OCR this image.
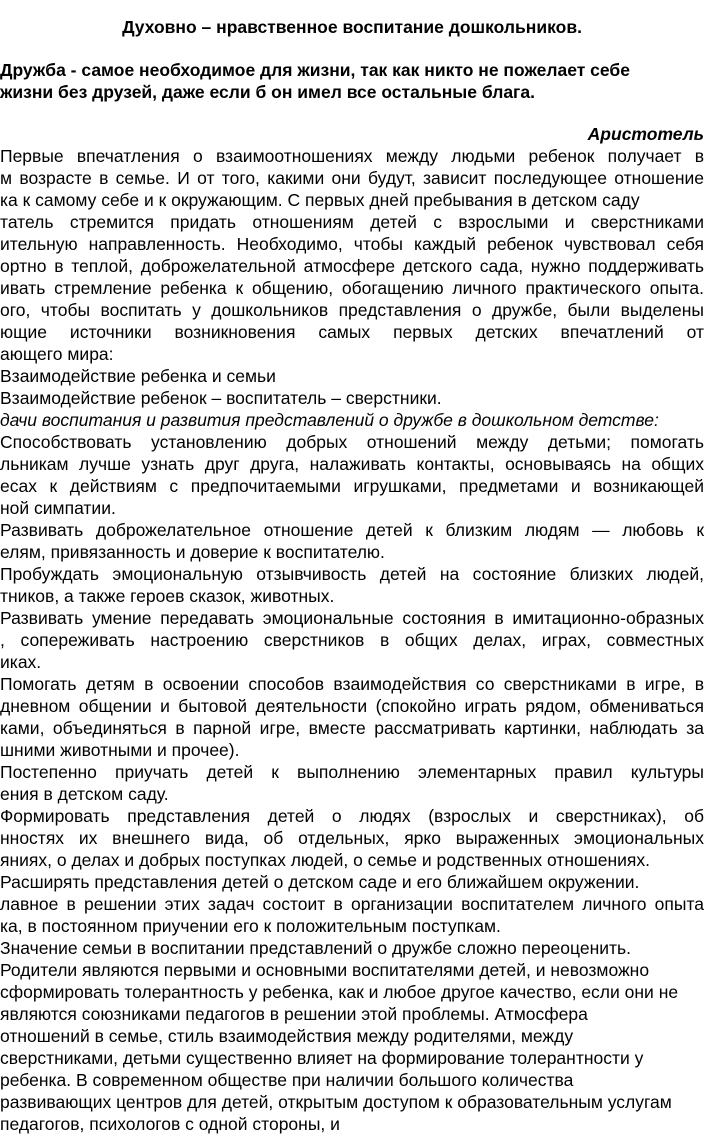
Духовно – нравственное воспитание дошкольников.
Дружба - самое необходимое для жизни, так как никто не пожелает себе
жизни без друзей, даже если б он имел все остальные блага.
Аристотель
Первые впечатления о взаимоотношениях между людьми ребенок получает в
м возрасте в семье. И от того, какими они будут, зависит последующее отношение
ка к самому себе и к окружающим. С первых дней пребывания в детском саду
татель стремится придать отношениям детей с взрослыми и сверстниками
ительную направленность. Необходимо, чтобы каждый ребенок чувствовал себя
ортно в теплой, доброжелательной атмосфере детского сада, нужно поддерживать
ивать стремление ребенка к общению, обогащению личного практического опыта.
ого, чтобы воспитать у дошкольников представления о дружбе, были выделены
ющие источники возникновения самых первых детских впечатлений от
ающего мира:
Взаимодействие ребенка и семьи
Взаимодействие ребенок – воспитатель – сверстники.
дачи воспитания и развития представлений о дружбе в дошкольном детстве:
Способствовать установлению добрых отношений между детьми; помогать
льникам лучше узнать друг друга, налаживать контакты, основываясь на общих
есах к действиям с предпочитаемыми игрушками, предметами и возникающей
ной симпатии.
Развивать доброжелательное отношение детей к близким людям — любовь к
елям, привязанность и доверие к воспитателю.
Пробуждать эмоциональную отзывчивость детей на состояние близких людей,
тников, а также героев сказок, животных.
Развивать умение передавать эмоциональные состояния в имитационно-образных
, сопереживать настроению сверстников в общих делах, играх, совместных
иках.
Помогать детям в освоении способов взаимодействия со сверстниками в игре, в
дневном общении и бытовой деятельности (спокойно играть рядом, обмениваться
ками, объединяться в парной игре, вместе рассматривать картинки, наблюдать за
шними животными и прочее).
Постепенно приучать детей к выполнению элементарных правил культуры
ения в детском саду.
Формировать представления детей о людях (взрослых и сверстниках), об
нностях их внешнего вида, об отдельных, ярко выраженных эмоциональных
яниях, о делах и добрых поступках людей, о семье и родственных отношениях.
Расширять представления детей о детском саде и его ближайшем окружении.
лавное в решении этих задач состоит в организации воспитателем личного опыта
ка, в постоянном приучении его к положительным поступкам.
Значение семьи в воспитании представлений о дружбе сложно переоценить.
Родители являются первыми и основными воспитателями детей, и невозможно
сформировать толерантность у ребенка, как и любое другое качество, если они не
являются союзниками педагогов в решении этой проблемы. Атмосфера
отношений в семье, стиль взаимодействия между родителями, между
сверстниками, детьми существенно влияет на формирование толерантности у
ребенка. В современном обществе при наличии большого количества
развивающих центров для детей, открытым доступом к образовательным услугам
педагогов, психологов с одной стороны, и
